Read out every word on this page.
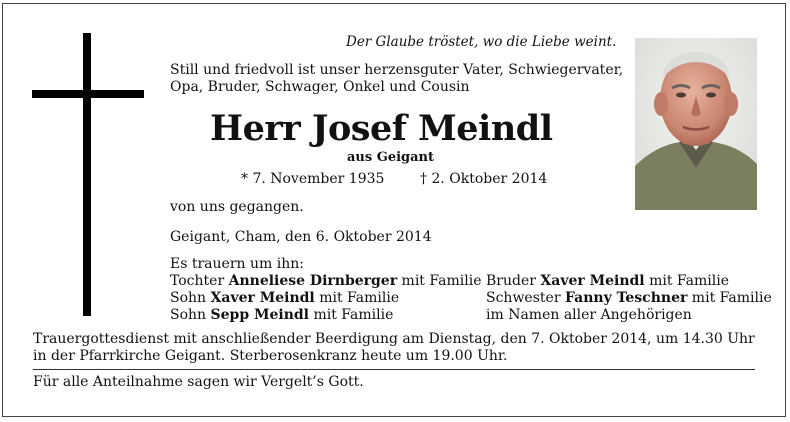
Der Glaube tröstet, wo die Liebe weint.
Still und friedvoll ist unser herzensguter Vater, Schwiegervater,
Opa, Bruder, Schwager, Onkel und Cousin
Herr Josef Meindl
aus Geigant
* 7. November 1935	† 2. Oktober 2014
von uns gegangen.
Geigant, Cham, den 6. Oktober 2014
Es trauern um ihn:
Tochter Anneliese Dirnberger mit Familie
Sohn Xaver Meindl mit Familie
Sohn Sepp Meindl mit Familie
Bruder Xaver Meindl mit Familie
Schwester Fanny Teschner mit Familie
im Namen aller Angehörigen
Trauergottesdienst mit anschließender Beerdigung am Dienstag, den 7. Oktober 2014, um 14.30 Uhr in der Pfarrkirche Geigant. Sterberosenkranz heute um 19.00 Uhr.
Für alle Anteilnahme sagen wir Vergelt’s Gott.
